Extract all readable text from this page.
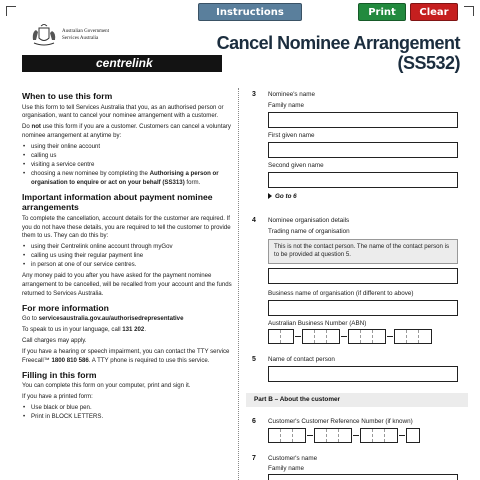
Instructions	Print	Clear
Australian Government
Services Australia
centrelink
Cancel Nominee Arrangement
(SS532)
When to use this form

Use this form to tell Services Australia that you, as an authorised person or organisation, want to cancel your nominee arrangement with a customer.

Do not use this form if you are a customer. Customers can cancel a voluntary nominee arrangement at anytime by:

• using their online account
• calling us
• visiting a service centre
• choosing a new nominee by completing the Authorising a person or organisation to enquire or act on your behalf (SS313) form.
Important information about payment nominee arrangements

To complete the cancellation, account details for the customer are required. If you do not have these details, you are required to tell the customer to provide them to us. They can do this by:

• using their Centrelink online account through myGov
• calling us using their regular payment line
• in person at one of our service centres.

Any money paid to you after you have asked for the payment nominee arrangement to be cancelled, will be recalled from your account and the funds returned to Services Australia.

For more information

Go to servicesaustralia.gov.au/authorisedrepresentative

To speak to us in your language, call 131 202.

Call charges may apply.

If you have a hearing or speech impairment, you can contact the TTY service Freecall™ 1800 810 586. A TTY phone is required to use this service.

Filling in this form

You can complete this form on your computer, print and sign it.

If you have a printed form:

• Use black or blue pen.
• Print in BLOCK LETTERS.
3 Nominee's name
Family name
First given name
Second given name
Go to 6
4 Nominee organisation details
Trading name of organisation
This is not the contact person. The name of the contact person is to be provided at question 5.
Business name of organisation (if different to above)
Australian Business Number (ABN)
5 Name of contact person
Part B – About the customer
6 Customer's Customer Reference Number (if known)
7 Customer's name
Family name
